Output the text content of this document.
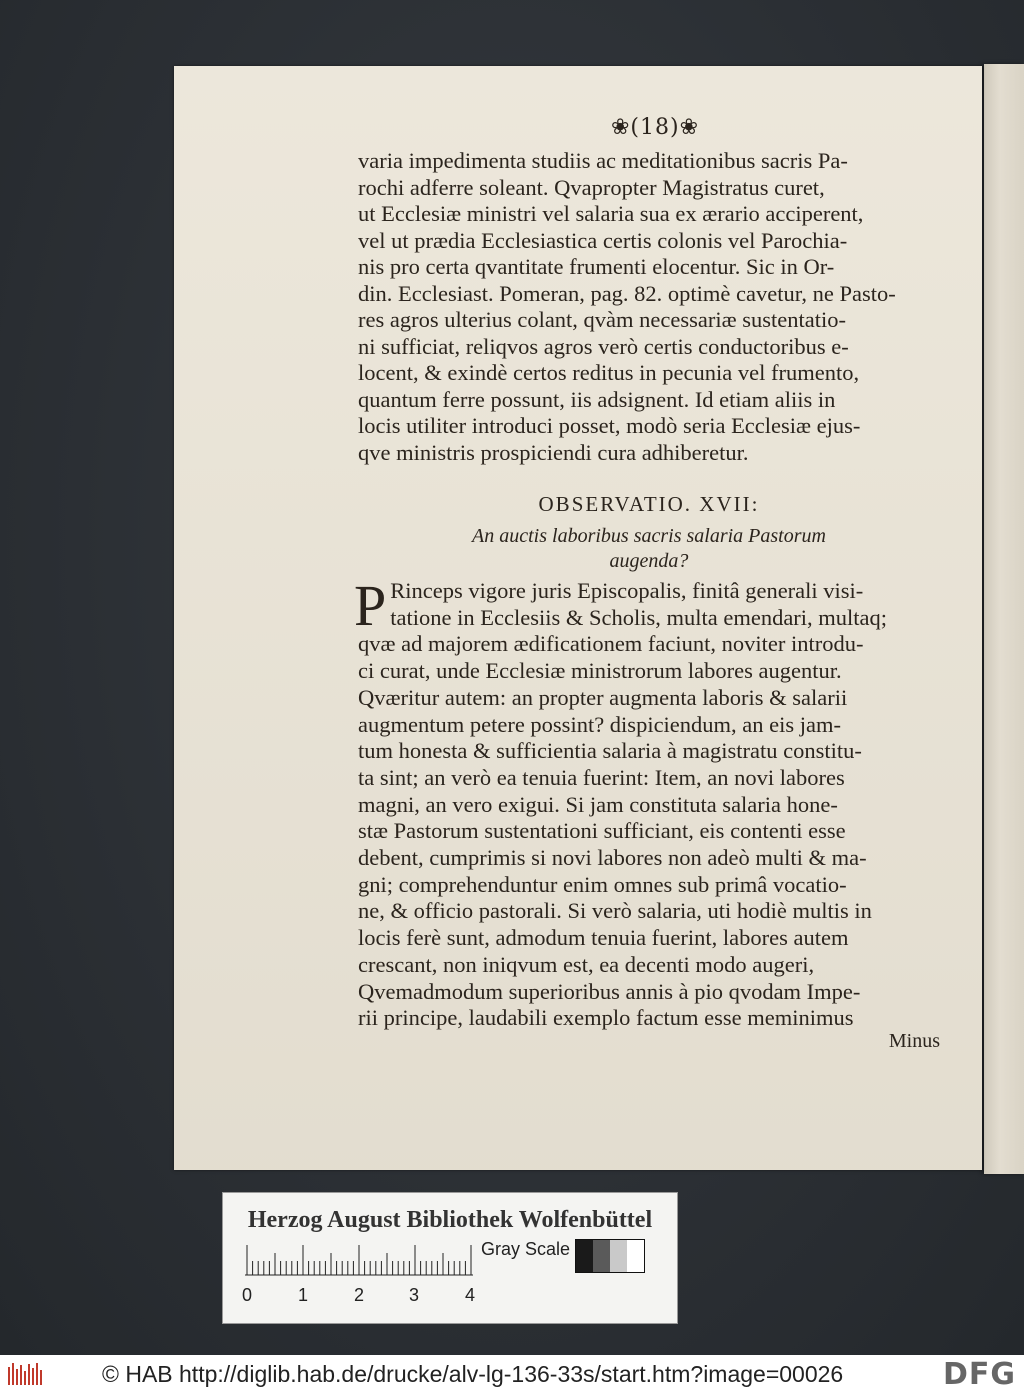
❀(18)❀

varia impedimenta studiis ac meditationibus sacris Pa-

rochi adferre soleant. Qvapropter Magistratus curet,

ut Ecclesiæ ministri vel salaria sua ex ærario acciperent,

vel ut prædia Ecclesiastica certis colonis vel Parochia-

nis pro certa qvantitate frumenti elocentur. Sic in Or-

din. Ecclesiast. Pomeran, pag. 82. optimè cavetur, ne Pasto-

res agros ulterius colant, qvàm necessariæ sustentatio-

ni sufficiat, reliqvos agros verò certis conductoribus e-

locent, & exindè certos reditus in pecunia vel frumento,

quantum ferre possunt, iis adsignent. Id etiam aliis in

locis utiliter introduci posset, modò seria Ecclesiæ ejus-

qve ministris prospiciendi cura adhiberetur.

OBSERVATIO. XVII:
An auctis laboribus sacris salaria Pastorum
augenda?
P Rinceps vigore juris Episcopalis, finitâ generali visi-
tatione in Ecclesiis & Scholis, multa emendari, multaq;
qvæ ad majorem ædificationem faciunt, noviter introdu-
ci curat, unde Ecclesiæ ministrorum labores augentur.
Qværitur autem: an propter augmenta laboris & salarii
augmentum petere possint? dispiciendum, an eis jam-
tum honesta & sufficientia salaria à magistratu constitu-
ta sint; an verò ea tenuia fuerint: Item, an novi labores
magni, an vero exigui. Si jam constituta salaria hone-
stæ Pastorum sustentationi sufficiant, eis contenti esse
debent, cumprimis si novi labores non adeò multi & ma-
gni; comprehenduntur enim omnes sub primâ vocatio-
ne, & officio pastorali. Si verò salaria, uti hodiè multis in
locis ferè sunt, admodum tenuia fuerint, labores autem
crescant, non iniqvum est, ea decenti modo augeri,
Qvemadmodum superioribus annis à pio qvodam Impe-
rii principe, laudabili exemplo factum esse meminimus
Minus
Herzog August Bibliothek Wolfenbüttel
0	1	2 3	4
Gray Scale
© HAB http://diglib.hab.de/drucke/alv-lg-136-33s/start.htm?image=00026	DFG
